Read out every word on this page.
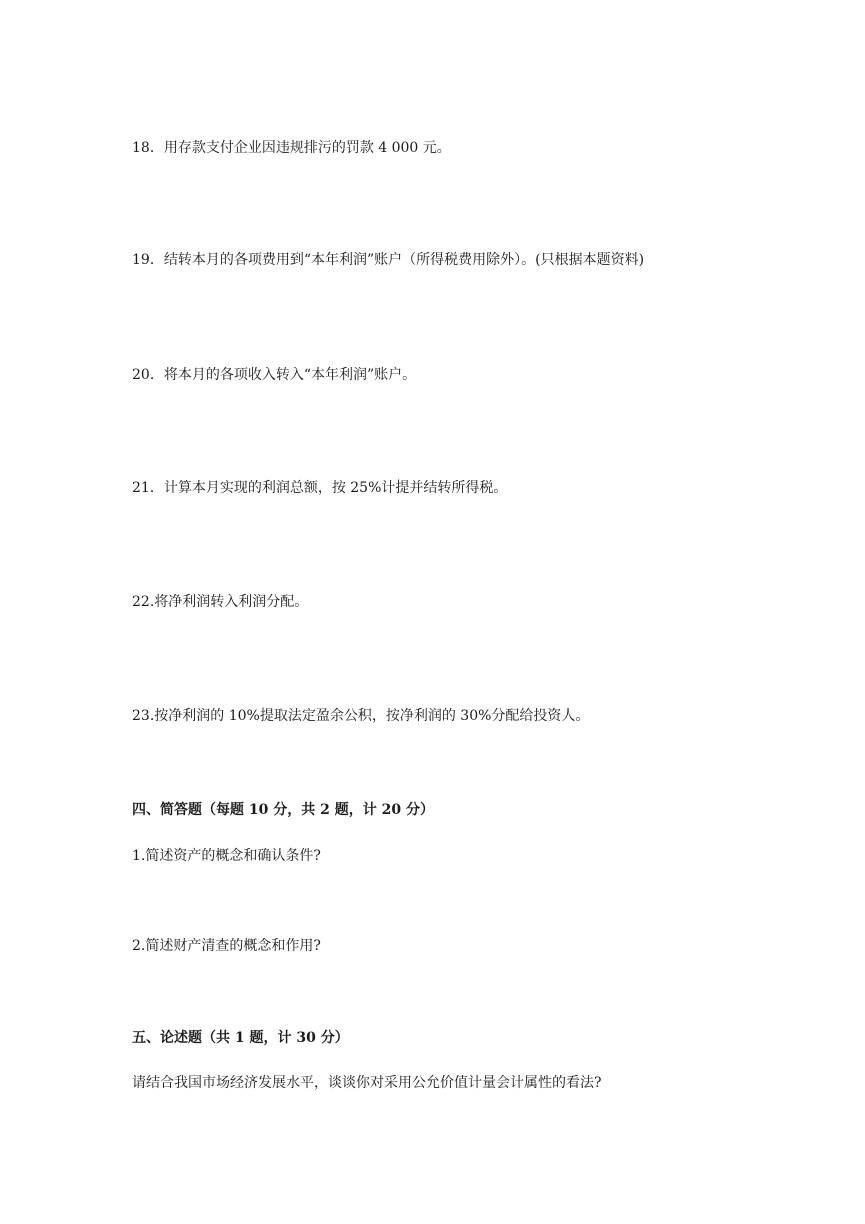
18．用存款支付企业因违规排污的罚款 4 000 元。
19．结转本月的各项费用到“本年利润”账户（所得税费用除外）。(只根据本题资料)
20．将本月的各项收入转入“本年利润”账户。
21．计算本月实现的利润总额，按 25%计提并结转所得税。
22.将净利润转入利润分配。
23.按净利润的 10%提取法定盈余公积，按净利润的 30%分配给投资人。
四、简答题（每题 10 分，共 2 题，计 20 分）
1.简述资产的概念和确认条件?
2.简述财产清查的概念和作用?
五、论述题（共 1 题，计 30 分）
请结合我国市场经济发展水平，谈谈你对采用公允价值计量会计属性的看法?
